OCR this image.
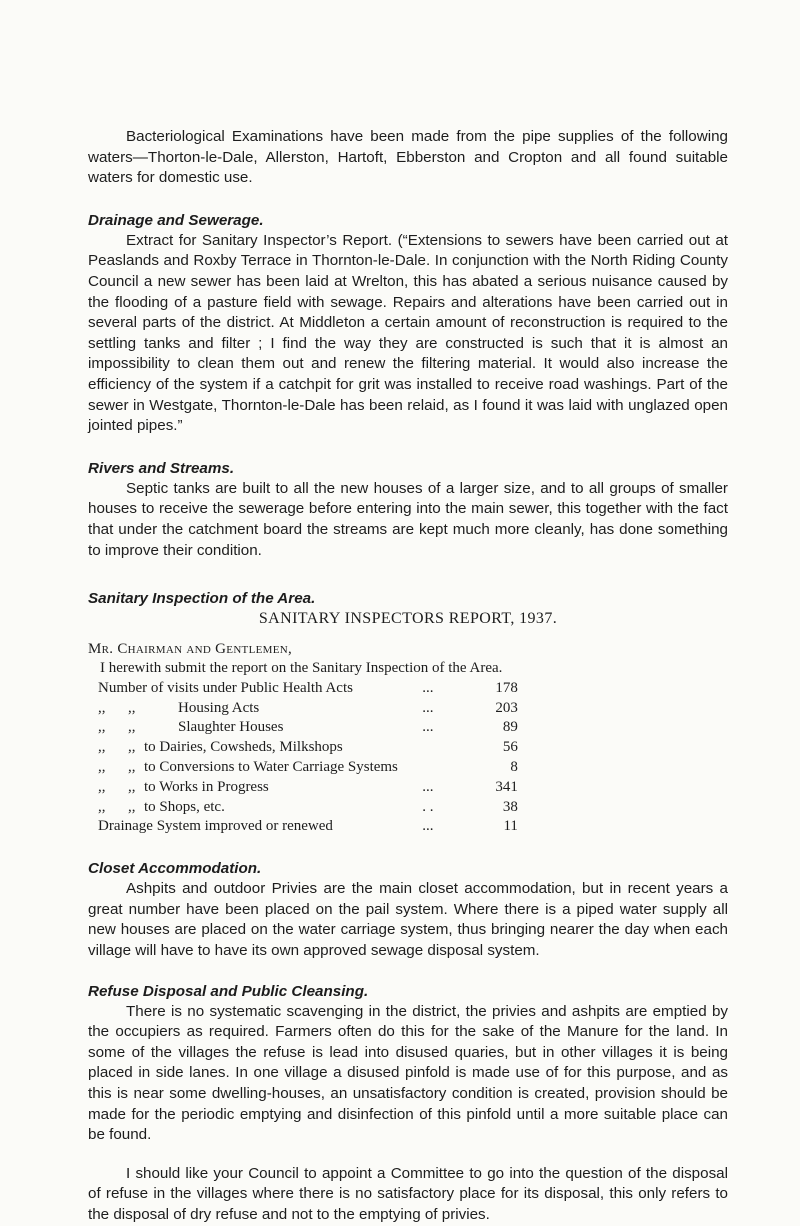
Bacteriological Examinations have been made from the pipe supplies of the following waters—Thorton-le-Dale, Allerston, Hartoft, Ebberston and Cropton and all found suitable waters for domestic use.

Drainage and Sewerage.

Extract for Sanitary Inspector’s Report. (“Extensions to sewers have been carried out at Peaslands and Roxby Terrace in Thornton-le-Dale. In conjunction with the North Riding County Council a new sewer has been laid at Wrelton, this has abated a serious nuisance caused by the flooding of a pasture field with sewage. Repairs and alterations have been carried out in several parts of the district. At Middleton a certain amount of reconstruction is required to the settling tanks and filter ; I find the way they are constructed is such that it is almost an impossibility to clean them out and renew the filtering material. It would also increase the efficiency of the system if a catchpit for grit was installed to receive road washings. Part of the sewer in Westgate, Thornton-le-Dale has been relaid, as I found it was laid with unglazed open jointed pipes.”

Rivers and Streams.

Septic tanks are built to all the new houses of a larger size, and to all groups of smaller houses to receive the sewerage before entering into the main sewer, this together with the fact that under the catchment board the streams are kept much more cleanly, has done something to improve their condition.

Sanitary Inspection of the Area.
SANITARY INSPECTORS REPORT, 1937.
Mr. Chairman and Gentlemen,
I herewith submit the report on the Sanitary Inspection of the Area.
Number of visits under Public Health Acts		...	178
,,      ,,	Housing Acts	...	203
,,      ,,	Slaughter Houses	...	89
,,      ,,	to Dairies, Cowsheds, Milkshops		56
,,      ,,	to Conversions to Water Carriage Systems		8
,,      ,,	to Works in Progress	...	341
,,      ,,	to Shops, etc.	. .	38
Drainage System improved or renewed		...	11
Closet Accommodation.

Ashpits and outdoor Privies are the main closet accommodation, but in recent years a great number have been placed on the pail system. Where there is a piped water supply all new houses are placed on the water carriage system, thus bringing nearer the day when each village will have to have its own approved sewage disposal system.

Refuse Disposal and Public Cleansing.

There is no systematic scavenging in the district, the privies and ashpits are emptied by the occupiers as required. Farmers often do this for the sake of the Manure for the land. In some of the villages the refuse is lead into disused quaries, but in other villages it is being placed in side lanes. In one village a disused pinfold is made use of for this purpose, and as this is near some dwelling-houses, an unsatisfactory condition is created, provision should be made for the periodic emptying and disinfection of this pinfold until a more suitable place can be found.

I should like your Council to appoint a Committee to go into the question of the disposal of refuse in the villages where there is no satisfactory place for its disposal, this only refers to the disposal of dry refuse and not to the emptying of privies.
